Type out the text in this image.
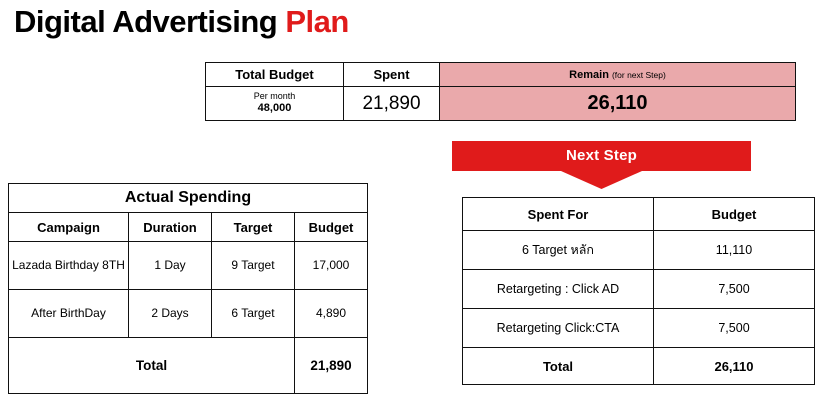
Digital Advertising Plan
Total Budget	Spent	Remain (for next Step)

Per month
48,000	21,890	26,110
Next Step
Actual Spending			
Campaign	Duration	Target	Budget
Lazada Birthday 8TH	1 Day	9 Target	17,000
After BirthDay	2 Days	6 Target	4,890
Total			21,890
Spent For	Budget
6 Target หลัก	11,110
Retargeting : Click AD	7,500
Retargeting Click:CTA	7,500
Total	26,110
